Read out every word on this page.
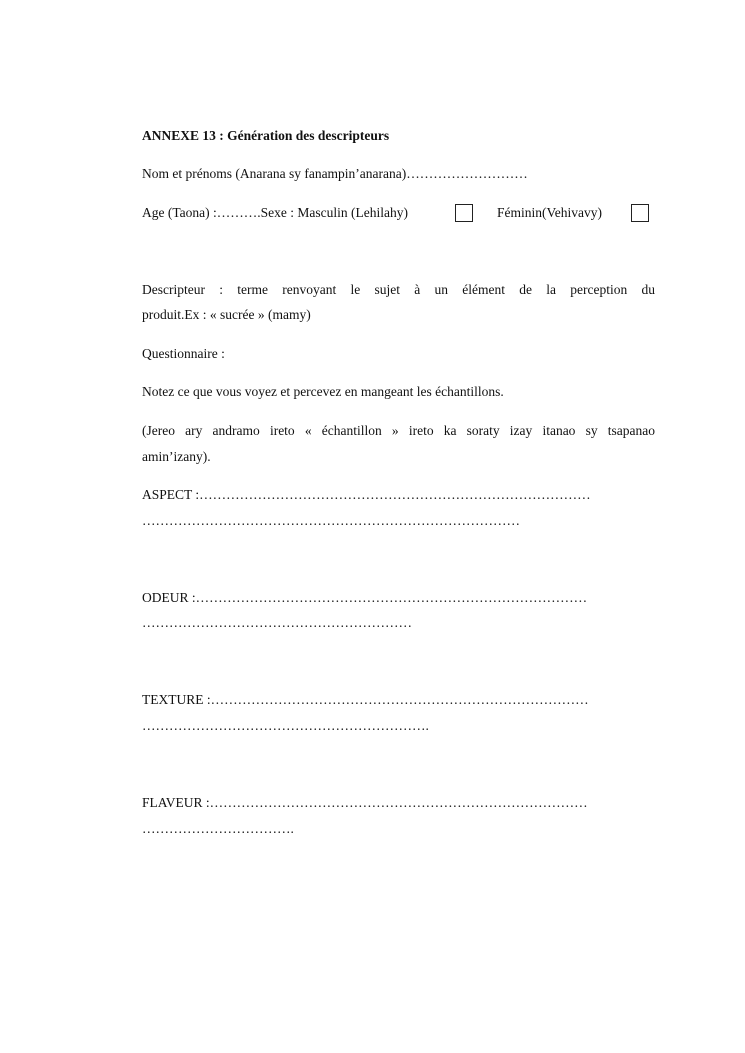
ANNEXE 13 : Génération des descripteurs
Nom et prénoms (Anarana sy fanampin’anarana)………………………
Age (Taona) :……….Sexe : Masculin (Lehilahy)	Féminin(Vehivavy)
Descripteur : terme renvoyant le sujet à un élément de la perception du
produit.Ex : « sucrée » (mamy)
Questionnaire :
Notez ce que vous voyez et percevez en mangeant les échantillons.
(Jereo ary andramo ireto « échantillon » ireto ka soraty izay itanao sy tsapanao
amin’izany).
ASPECT :……………………………………………………………………………
…………………………………………………………………………
ODEUR :……………………………………………………………………………
……………………………………………………
TEXTURE :…………………………………………………………………………
……………………………………………………….
FLAVEUR :…………………………………………………………………………
…………………………….
